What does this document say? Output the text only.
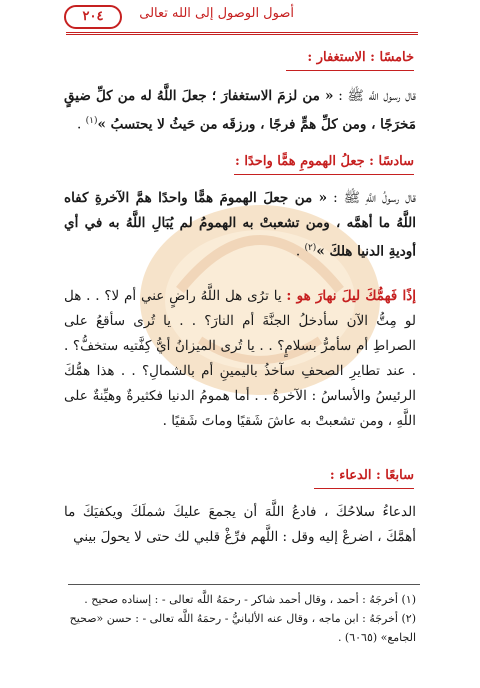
أصول الوصول إلى الله تعالى
٢٠٤
خامسًا : الاستغفار :
قال رسول اللَّه ﷺ : « من لزمَ الاستغفارَ ؛ جعلَ اللَّهُ له من كلِّ ضيقٍ مَخرَجًا ، ومن كلِّ همٍّ فرجًا ، ورزقَه من حَيثُ لا يحتسبُ »$^{(١)}$ .
سادسًا : جعلُ الهمومِ همًّا واحدًا :
قال رسولُ اللَّهِ ﷺ : « من جعلَ الهمومَ همًّا واحدًا همَّ الآخرةِ كفاه اللَّهُ ما أهمَّه ، ومن تشعبتْ به الهمومُ لم يُبَالِ اللَّهُ به في أي أوديةِ الدنيا هلكَ »$^{(٢)}$ .
إذًا فَهمُّكَ ليلَ نهارَ هو : يا ترُى هل اللَّهُ راضٍ عني أم لا؟ . . هل لو مِتُّ الآن سأدخلُ الجنَّةَ أم النارَ؟ . . يا تُرى سأقعُ على الصراطِ أم سأمرُّ بسلامٍ؟ . . يا تُرى الميزانُ أيُّ كِفَّتيه ستخفُّ؟ . . عند تطايرِ الصحفِ سآخذُ باليمينِ أم بالشمالِ؟ . . هذا همُّكَ الرئيسُ والأساسُ : الآخرةُ . . أما همومُ الدنيا فكثيرةٌ وهيِّنةٌ على اللَّهِ ، ومن تشعبتْ به عاشَ شَقيًا وماتَ شَقيًا .
سابعًا : الدعاء :
الدعاءُ سلاحُكَ ، فادعُ اللَّهَ أن يجمعَ عليكَ شملَكَ ويكفيَكَ ما أهمَّكَ ، اضرعْ إليه وقل : اللَّهم فرِّغْ قلبي لك حتى لا يحولَ بيني
(١) أخرجَهُ : أحمد ، وقال أحمد شاكر - رحمَهُ اللَّه تعالى - : إسناده صحيح .
(٢) أخرجَهُ : ابن ماجه ، وقال عنه الألبانيُّ - رحمَهُ اللَّه تعالى - : حسن «صحيح الجامع» (٦٠٦٥) .
